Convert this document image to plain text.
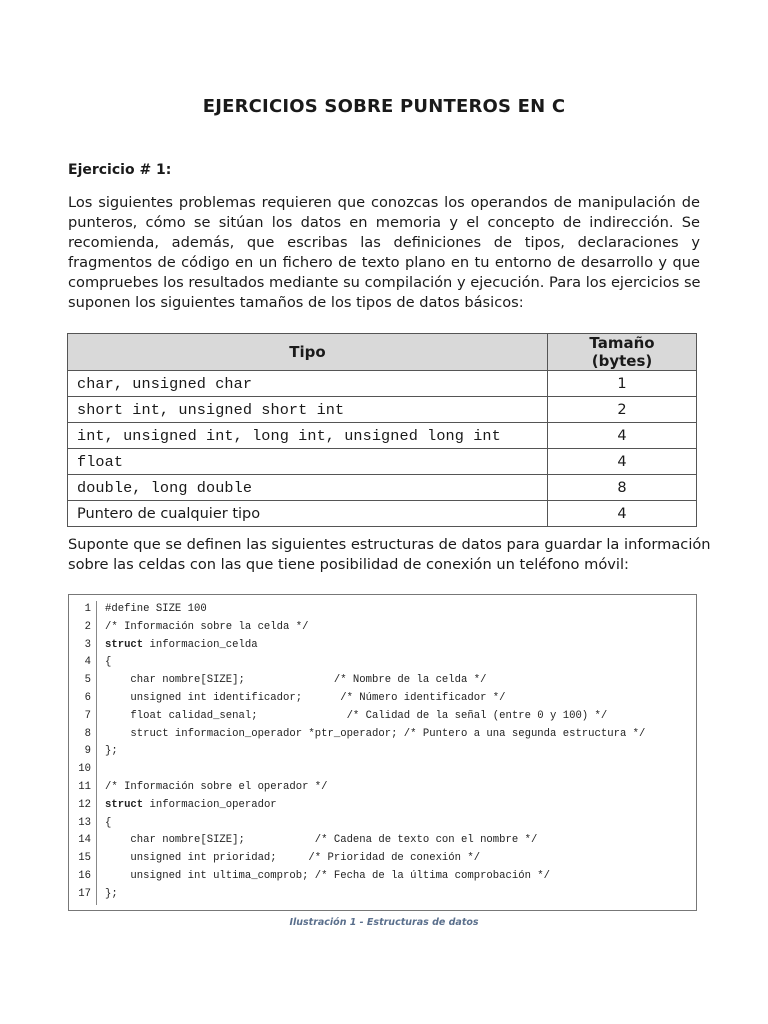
EJERCICIOS SOBRE PUNTEROS EN C
Ejercicio # 1:
Los siguientes problemas requieren que conozcas los operandos de manipulación de
punteros, cómo se sitúan los datos en memoria y el concepto de indirección. Se
recomienda, además, que escribas las definiciones de tipos, declaraciones y
fragmentos de código en un fichero de texto plano en tu entorno de desarrollo y que
compruebes los resultados mediante su compilación y ejecución. Para los ejercicios se
suponen los siguientes tamaños de los tipos de datos básicos:
Tipo	Tamaño (bytes)
char, unsigned char	1
short int, unsigned short int	2
int, unsigned int, long int, unsigned long int	4
float	4
double, long double	8
Puntero de cualquier tipo	4
Suponte que se definen las siguientes estructuras de datos para guardar la información
sobre las celdas con las que tiene posibilidad de conexión un teléfono móvil:
1 #define SIZE 100
2 /* Información sobre la celda */
3 struct informacion_celda
4 {
5 char nombre[SIZE];              /* Nombre de la celda */
6 unsigned int identificador;      /* Número identificador */
7 float calidad_senal;              /* Calidad de la señal (entre 0 y 100) */
8 struct informacion_operador *ptr_operador; /* Puntero a una segunda estructura */
9 };
10
11 /* Información sobre el operador */
12 struct informacion_operador
13 {
14 char nombre[SIZE];           /* Cadena de texto con el nombre */
15 unsigned int prioridad;     /* Prioridad de conexión */
16 unsigned int ultima_comprob; /* Fecha de la última comprobación */
17 };
Ilustración 1 - Estructuras de datos
